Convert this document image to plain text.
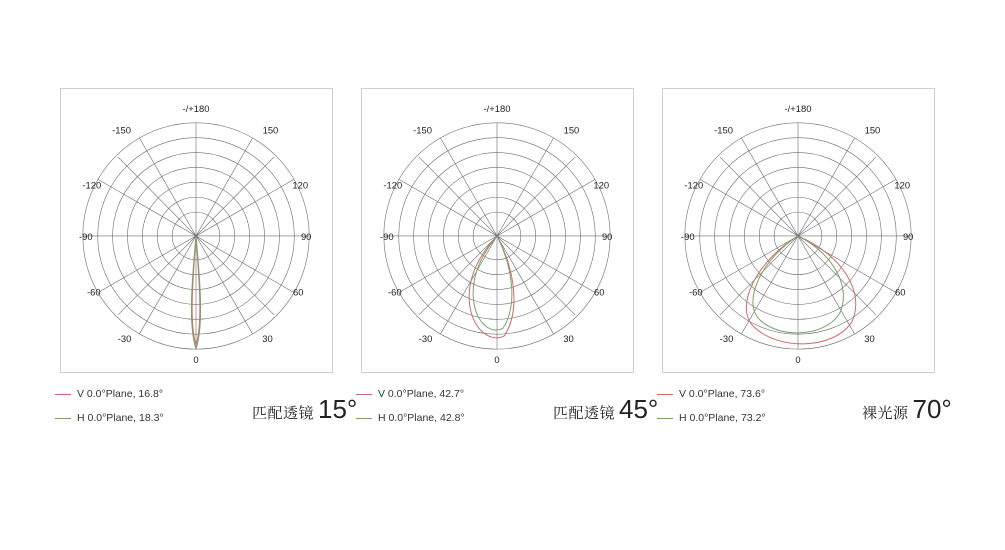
-/+180
-150	150
-120	120
-90	90
-60	60
-30	30
0
-/+180
-150	150
-120	120
-90	90
-60	60
-30	30
0
-/+180
-150	150
-120	120
-90	90
-60	60
-30	30
0
V 0.0°Plane, 16.8°
H 0.0°Plane, 18.3°
V 0.0°Plane, 42.7°
H 0.0°Plane, 42.8°
V 0.0°Plane, 73.6°
H 0.0°Plane, 73.2°
匹配透镜 15°	匹配透镜 45°	裸光源 70°
